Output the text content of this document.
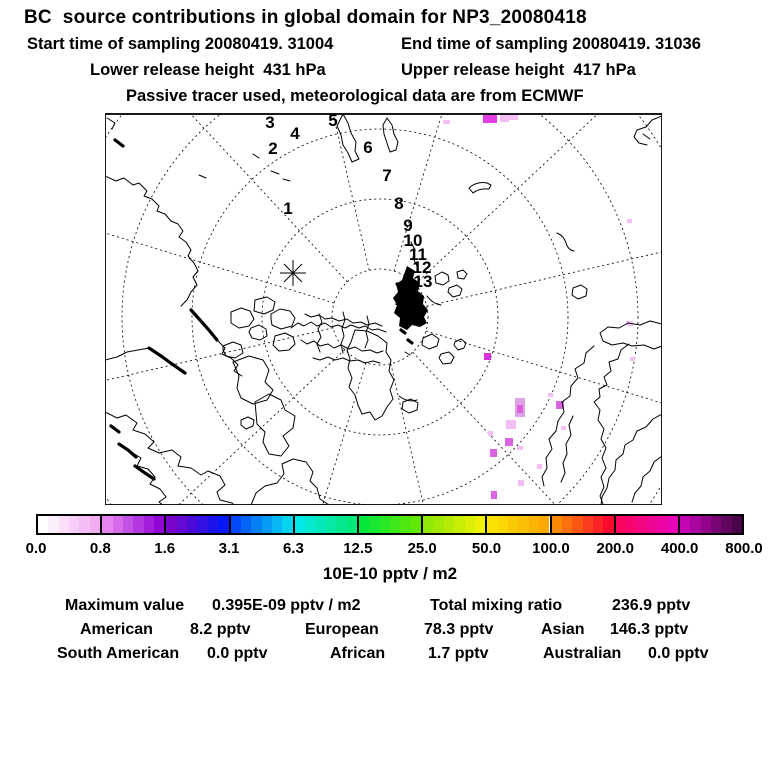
BC  source contributions in global domain for NP3_20080418
Start time of sampling 20080419. 31004	End time of sampling 20080419. 31036
Lower release height  431 hPa	Upper release height  417 hPa
Passive tracer used, meteorological data are from ECMWF
1
2
3
4
5
6
7
8
9
10
11
12
13
20
0.0	0.8	1.6	3.1	6.3	12.5 25.0 50.0 100.0 200.0 400.0 800.0
10E-10 pptv / m2
Maximum value 0.395E-09 pptv / m2	Total mixing ratio	236.9 pptv
American 8.2 pptv	European	78.3 pptv	Asian 146.3 pptv
South American 0.0 pptv	African	1.7 pptv	Australian 0.0 pptv
